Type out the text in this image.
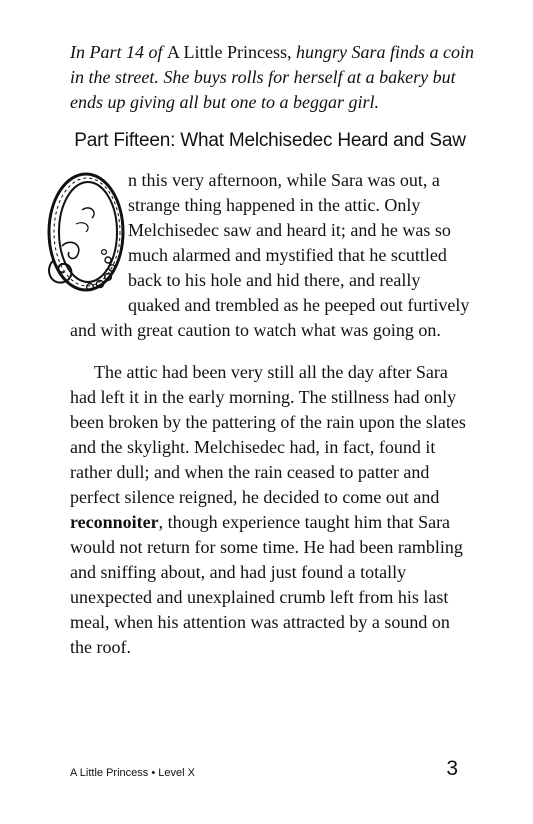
In Part 14 of A Little Princess, hungry Sara finds a coin in the street. She buys rolls for herself at a bakery but ends up giving all but one to a beggar girl.

Part Fifteen: What Melchisedec Heard and Saw

n this very afternoon, while Sara was out, a strange thing happened in the attic. Only Melchisedec saw and heard it; and he was so much alarmed and mystified that he scuttled back to his hole and hid there, and really quaked and trembled as he peeped out furtively and with great caution to watch what was going on.

The attic had been very still all the day after Sara had left it in the early morning. The stillness had only been broken by the pattering of the rain upon the slates and the skylight. Melchisedec had, in fact, found it rather dull; and when the rain ceased to patter and perfect silence reigned, he decided to come out and reconnoiter, though experience taught him that Sara would not return for some time. He had been rambling and sniffing about, and had just found a totally unexpected and unexplained crumb left from his last meal, when his attention was attracted by a sound on the roof.

A Little Princess • Level X	3
